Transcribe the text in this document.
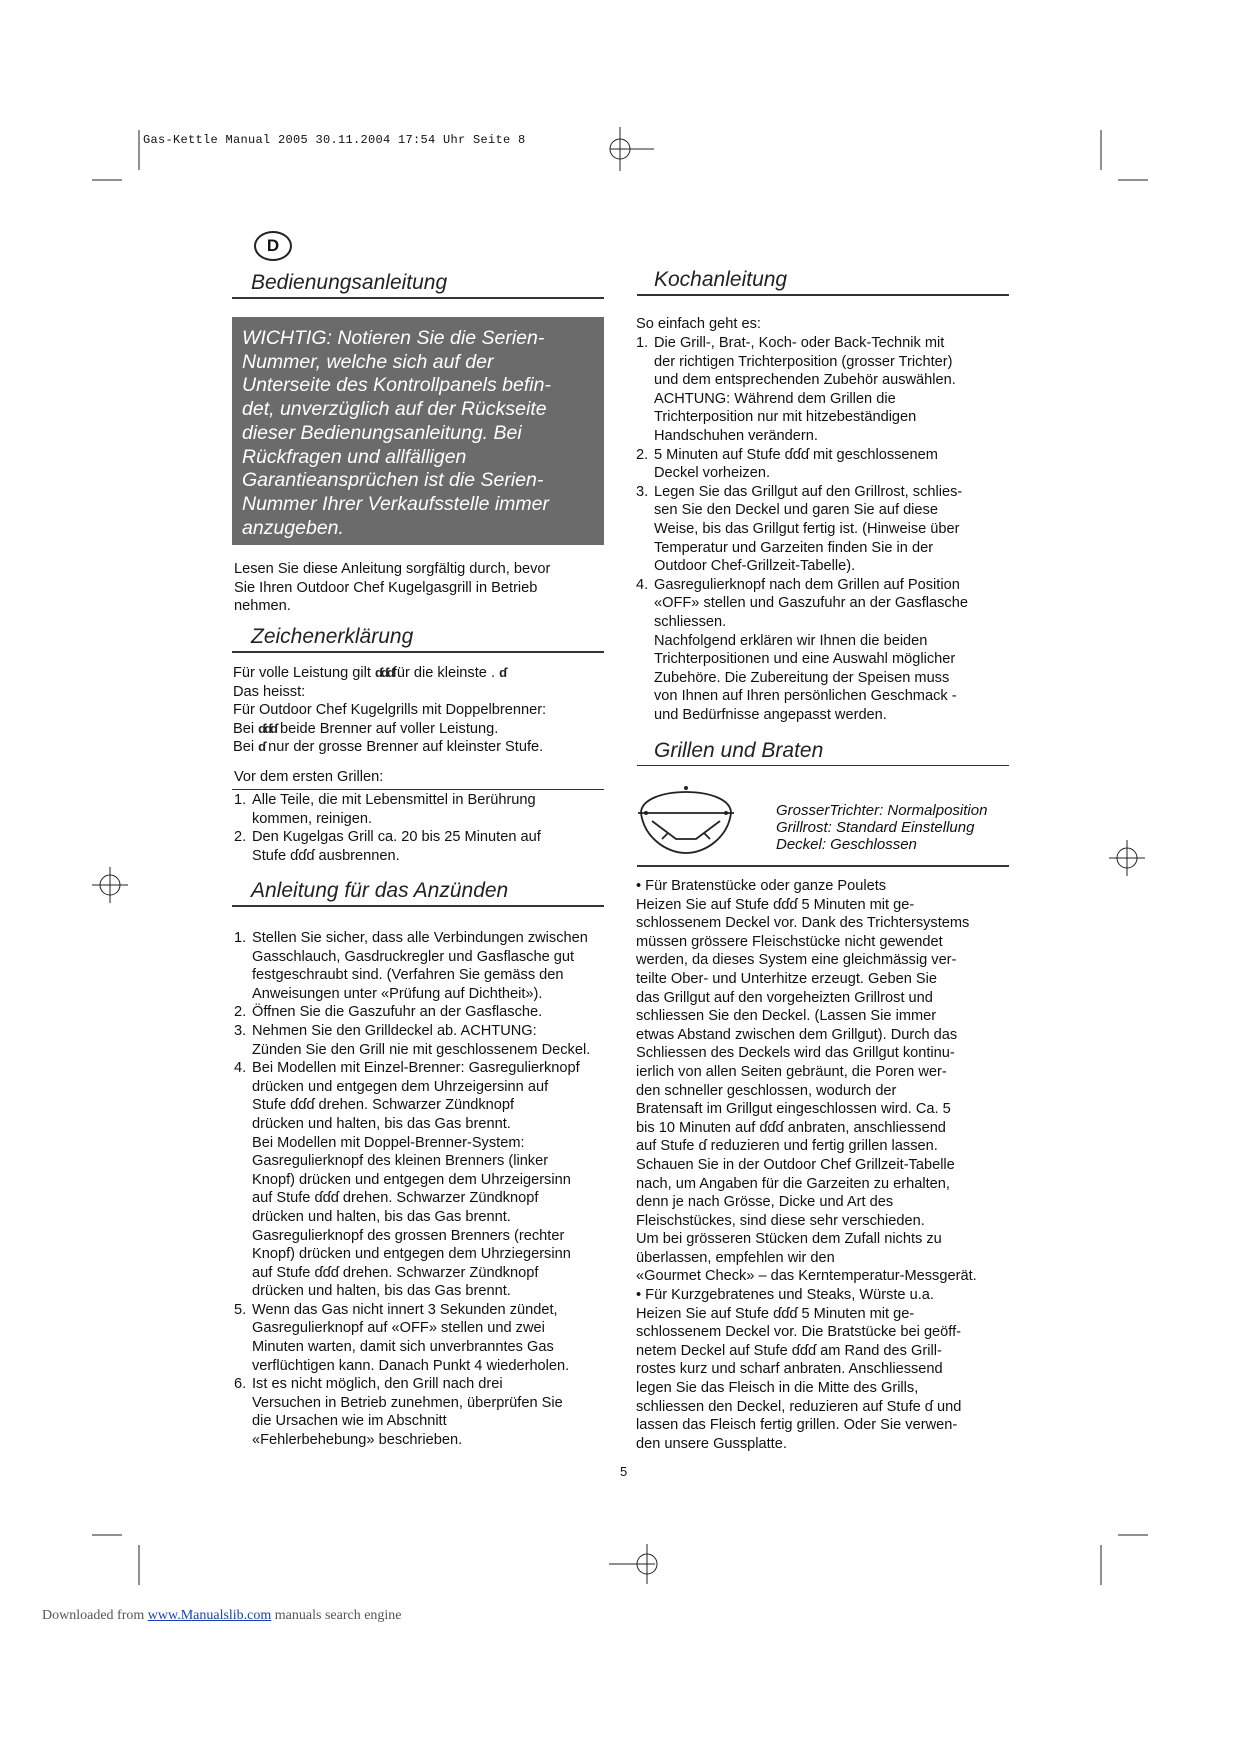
Gas-Kettle Manual 2005 30.11.2004 17:54 Uhr Seite 8
D
Bedienungsanleitung
WICHTIG: Notieren Sie die Serien-
Nummer, welche sich auf der
Unterseite des Kontrollpanels befin-
det, unverzüglich auf der Rückseite
dieser Bedienungsanleitung. Bei
Rückfragen und allfälligen
Garantieansprüchen ist die Serien-
Nummer Ihrer Verkaufsstelle immer
anzugeben.
Lesen Sie diese Anleitung sorgfältig durch, bevor
Sie Ihren Outdoor Chef Kugelgasgrill in Betrieb
nehmen.
Zeichenerklärung
Für volle Leistung gilt ɗɗɗfür die kleinste . ɗ
Das heisst:
Für Outdoor Chef Kugelgrills mit Doppelbrenner:
Bei ɗɗɗ beide Brenner auf voller Leistung.
Bei ɗ nur der grosse Brenner auf kleinster Stufe.
Vor dem ersten Grillen:
1. Alle Teile, die mit Lebensmittel in Berührung
kommen, reinigen.
2. Den Kugelgas Grill ca. 20 bis 25 Minuten auf
Stufe ɗɗɗ ausbrennen.
Anleitung für das Anzünden
1. Stellen Sie sicher, dass alle Verbindungen zwischen
Gasschlauch, Gasdruckregler und Gasflasche gut
festgeschraubt sind. (Verfahren Sie gemäss den
Anweisungen unter «Prüfung auf Dichtheit»).
2. Öffnen Sie die Gaszufuhr an der Gasflasche.
3. Nehmen Sie den Grilldeckel ab. ACHTUNG:
Zünden Sie den Grill nie mit geschlossenem Deckel.
4. Bei Modellen mit Einzel-Brenner: Gasregulierknopf
drücken und entgegen dem Uhrzeigersinn auf
Stufe ɗɗɗ drehen. Schwarzer Zündknopf
drücken und halten, bis das Gas brennt.
Bei Modellen mit Doppel-Brenner-System:
Gasregulierknopf des kleinen Brenners (linker
Knopf) drücken und entgegen dem Uhrzeigersinn
auf Stufe ɗɗɗ drehen. Schwarzer Zündknopf
drücken und halten, bis das Gas brennt.
Gasregulierknopf des grossen Brenners (rechter
Knopf) drücken und entgegen dem Uhrziegersinn
auf Stufe ɗɗɗ drehen. Schwarzer Zündknopf
drücken und halten, bis das Gas brennt.
5. Wenn das Gas nicht innert 3 Sekunden zündet,
Gasregulierknopf auf «OFF» stellen und zwei
Minuten warten, damit sich unverbranntes Gas
verflüchtigen kann. Danach Punkt 4 wiederholen.
6. Ist es nicht möglich, den Grill nach drei
Versuchen in Betrieb zunehmen, überprüfen Sie
die Ursachen wie im Abschnitt
«Fehlerbehebung» beschrieben.
Kochanleitung
So einfach geht es:
1. Die Grill-, Brat-, Koch- oder Back-Technik mit
der richtigen Trichterposition (grosser Trichter)
und dem entsprechenden Zubehör auswählen.
ACHTUNG: Während dem Grillen die
Trichterposition nur mit hitzebeständigen
Handschuhen verändern.
2. 5 Minuten auf Stufe ɗɗɗ mit geschlossenem
Deckel vorheizen.
3. Legen Sie das Grillgut auf den Grillrost, schlies-
sen Sie den Deckel und garen Sie auf diese
Weise, bis das Grillgut fertig ist. (Hinweise über
Temperatur und Garzeiten finden Sie in der
Outdoor Chef-Grillzeit-Tabelle).
4. Gasregulierknopf nach dem Grillen auf Position
«OFF» stellen und Gaszufuhr an der Gasflasche
schliessen.
Nachfolgend erklären wir Ihnen die beiden
Trichterpositionen und eine Auswahl möglicher
Zubehöre. Die Zubereitung der Speisen muss
von Ihnen auf Ihren persönlichen Geschmack -
und Bedürfnisse angepasst werden.
Grillen und Braten
GrosserTrichter: Normalposition
Grillrost: Standard Einstellung
Deckel: Geschlossen
• Für Bratenstücke oder ganze Poulets
Heizen Sie auf Stufe ɗɗɗ 5 Minuten mit ge-
schlossenem Deckel vor. Dank des Trichtersystems
müssen grössere Fleischstücke nicht gewendet
werden, da dieses System eine gleichmässig ver-
teilte Ober- und Unterhitze erzeugt. Geben Sie
das Grillgut auf den vorgeheizten Grillrost und
schliessen Sie den Deckel. (Lassen Sie immer
etwas Abstand zwischen dem Grillgut). Durch das
Schliessen des Deckels wird das Grillgut kontinu-
ierlich von allen Seiten gebräunt, die Poren wer-
den schneller geschlossen, wodurch der
Bratensaft im Grillgut eingeschlossen wird. Ca. 5
bis 10 Minuten auf ɗɗɗ anbraten, anschliessend
auf Stufe ɗ reduzieren und fertig grillen lassen.
Schauen Sie in der Outdoor Chef Grillzeit-Tabelle
nach, um Angaben für die Garzeiten zu erhalten,
denn je nach Grösse, Dicke und Art des
Fleischstückes, sind diese sehr verschieden.
Um bei grösseren Stücken dem Zufall nichts zu
überlassen, empfehlen wir den
«Gourmet Check» – das Kerntemperatur-Messgerät.
• Für Kurzgebratenes und Steaks, Würste u.a.
Heizen Sie auf Stufe ɗɗɗ 5 Minuten mit ge-
schlossenem Deckel vor. Die Bratstücke bei geöff-
netem Deckel auf Stufe ɗɗɗ am Rand des Grill-
rostes kurz und scharf anbraten. Anschliessend
legen Sie das Fleisch in die Mitte des Grills,
schliessen den Deckel, reduzieren auf Stufe ɗ und
lassen das Fleisch fertig grillen. Oder Sie verwen-
den unsere Gussplatte.
5
Downloaded from www.Manualslib.com manuals search engine
